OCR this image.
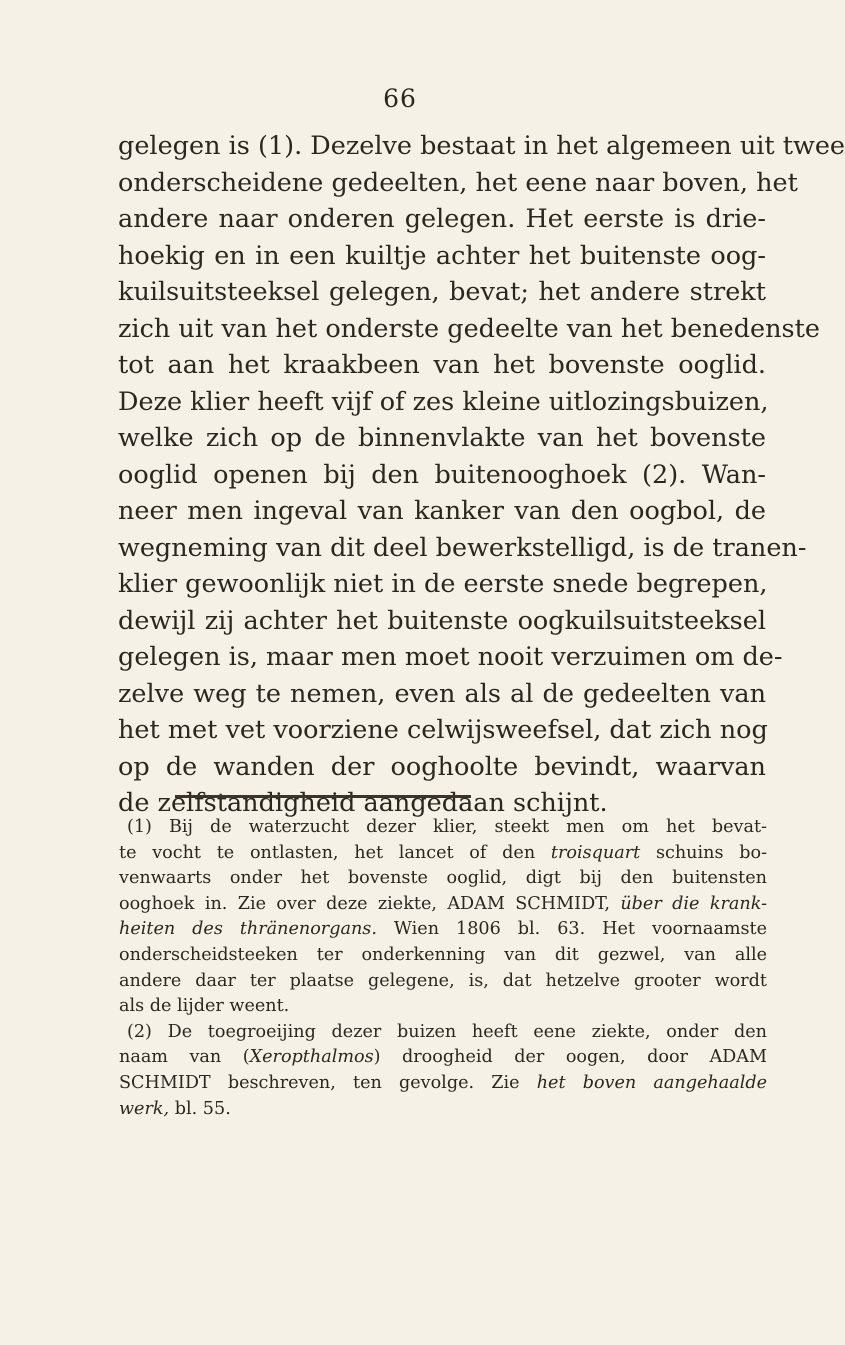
66
gelegen is (1). Dezelve bestaat in het algemeen uit twee
onderscheidene gedeelten, het eene naar boven, het
andere naar onderen gelegen. Het eerste is drie-
hoekig en in een kuiltje achter het buitenste oog-
kuilsuitsteeksel gelegen, bevat; het andere strekt
zich uit van het onderste gedeelte van het benedenste
tot aan het kraakbeen van het bovenste ooglid.
Deze klier heeft vijf of zes kleine uitlozingsbuizen,
welke zich op de binnenvlakte van het bovenste
ooglid openen bij den buitenooghoek (2). Wan-
neer men ingeval van kanker van den oogbol, de
wegneming van dit deel bewerkstelligd, is de tranen-
klier gewoonlijk niet in de eerste snede begrepen,
dewijl zij achter het buitenste oogkuilsuitsteeksel
gelegen is, maar men moet nooit verzuimen om de-
zelve weg te nemen, even als al de gedeelten van
het met vet voorziene celwijsweefsel, dat zich nog
op de wanden der ooghoolte bevindt, waarvan
de zelfstandigheid aangedaan schijnt.
(1) Bij de waterzucht dezer klier, steekt men om het bevat-
te vocht te ontlasten, het lancet of den troisquart schuins bo-
venwaarts onder het bovenste ooglid, digt bij den buitensten
ooghoek in. Zie over deze ziekte, ADAM SCHMIDT, über die krank-
heiten des thränenorgans. Wien 1806 bl. 63. Het voornaamste
onderscheidsteeken ter onderkenning van dit gezwel, van alle
andere daar ter plaatse gelegene, is, dat hetzelve grooter wordt
als de lijder weent.
(2) De toegroeijing dezer buizen heeft eene ziekte, onder den
naam van (Xeropthalmos) droogheid der oogen, door ADAM
SCHMIDT beschreven, ten gevolge. Zie het boven aangehaalde
werk, bl. 55.
